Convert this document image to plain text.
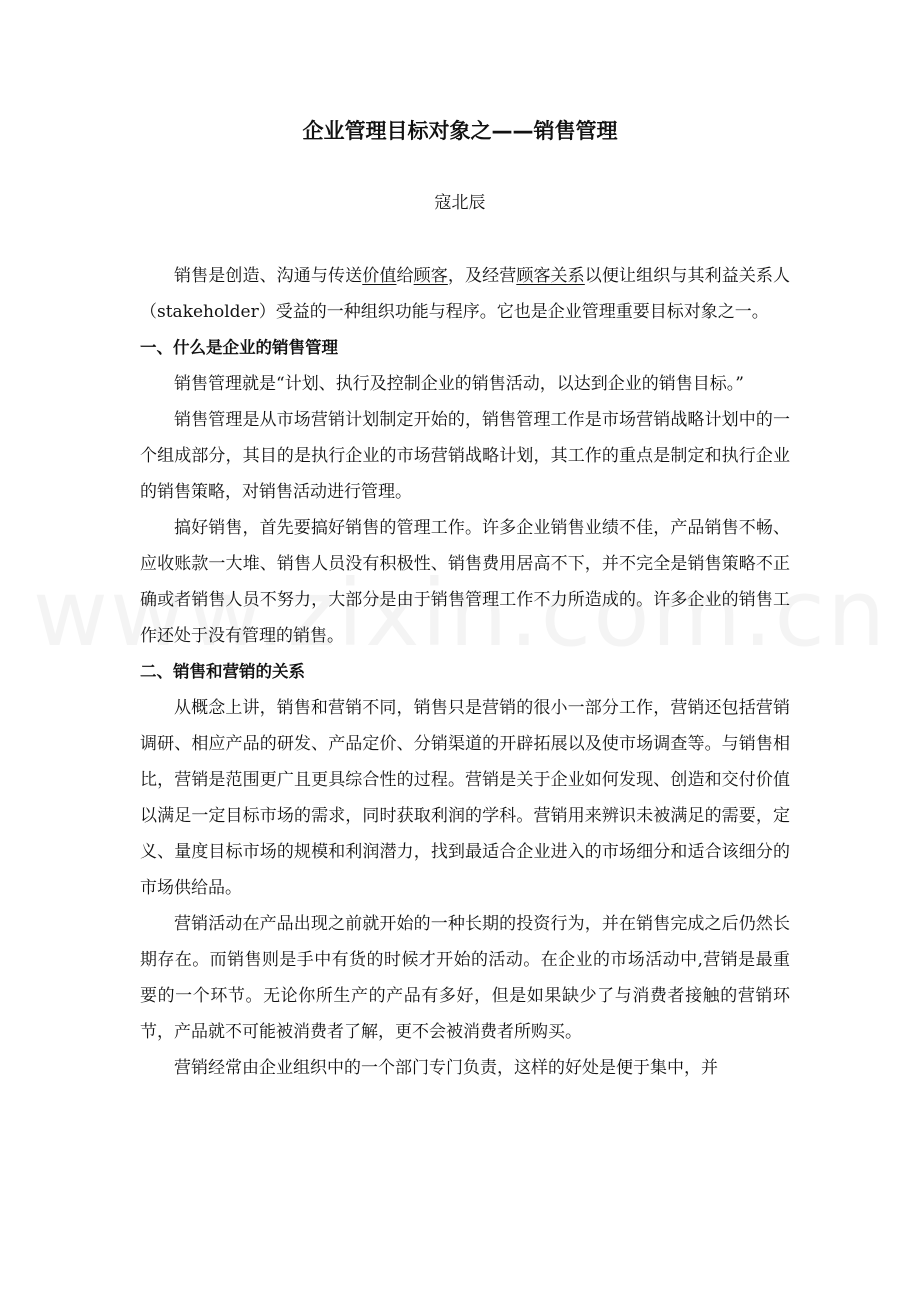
企业管理目标对象之——销售管理
寇北辰

销售是创造、沟通与传送价值给顾客，及经营顾客关系以便让组织与其利益关系人（stakeholder）受益的一种组织功能与程序。它也是企业管理重要目标对象之一。

一、什么是企业的销售管理

销售管理就是“计划、执行及控制企业的销售活动，以达到企业的销售目标。”

销售管理是从市场营销计划制定开始的，销售管理工作是市场营销战略计划中的一个组成部分，其目的是执行企业的市场营销战略计划，其工作的重点是制定和执行企业的销售策略，对销售活动进行管理。

搞好销售，首先要搞好销售的管理工作。许多企业销售业绩不佳，产品销售不畅、应收账款一大堆、销售人员没有积极性、销售费用居高不下，并不完全是销售策略不正确或者销售人员不努力，大部分是由于销售管理工作不力所造成的。许多企业的销售工作还处于没有管理的销售。

二、销售和营销的关系

从概念上讲，销售和营销不同，销售只是营销的很小一部分工作，营销还包括营销调研、相应产品的研发、产品定价、分销渠道的开辟拓展以及使市场调查等。与销售相比，营销是范围更广且更具综合性的过程。营销是关于企业如何发现、创造和交付价值以满足一定目标市场的需求，同时获取利润的学科。营销用来辨识未被满足的需要，定义、量度目标市场的规模和利润潜力，找到最适合企业进入的市场细分和适合该细分的市场供给品。

营销活动在产品出现之前就开始的一种长期的投资行为，并在销售完成之后仍然长期存在。而销售则是手中有货的时候才开始的活动。在企业的市场活动中,营销是最重要的一个环节。无论你所生产的产品有多好，但是如果缺少了与消费者接触的营销环节，产品就不可能被消费者了解，更不会被消费者所购买。

营销经常由企业组织中的一个部门专门负责，这样的好处是便于集中，并
